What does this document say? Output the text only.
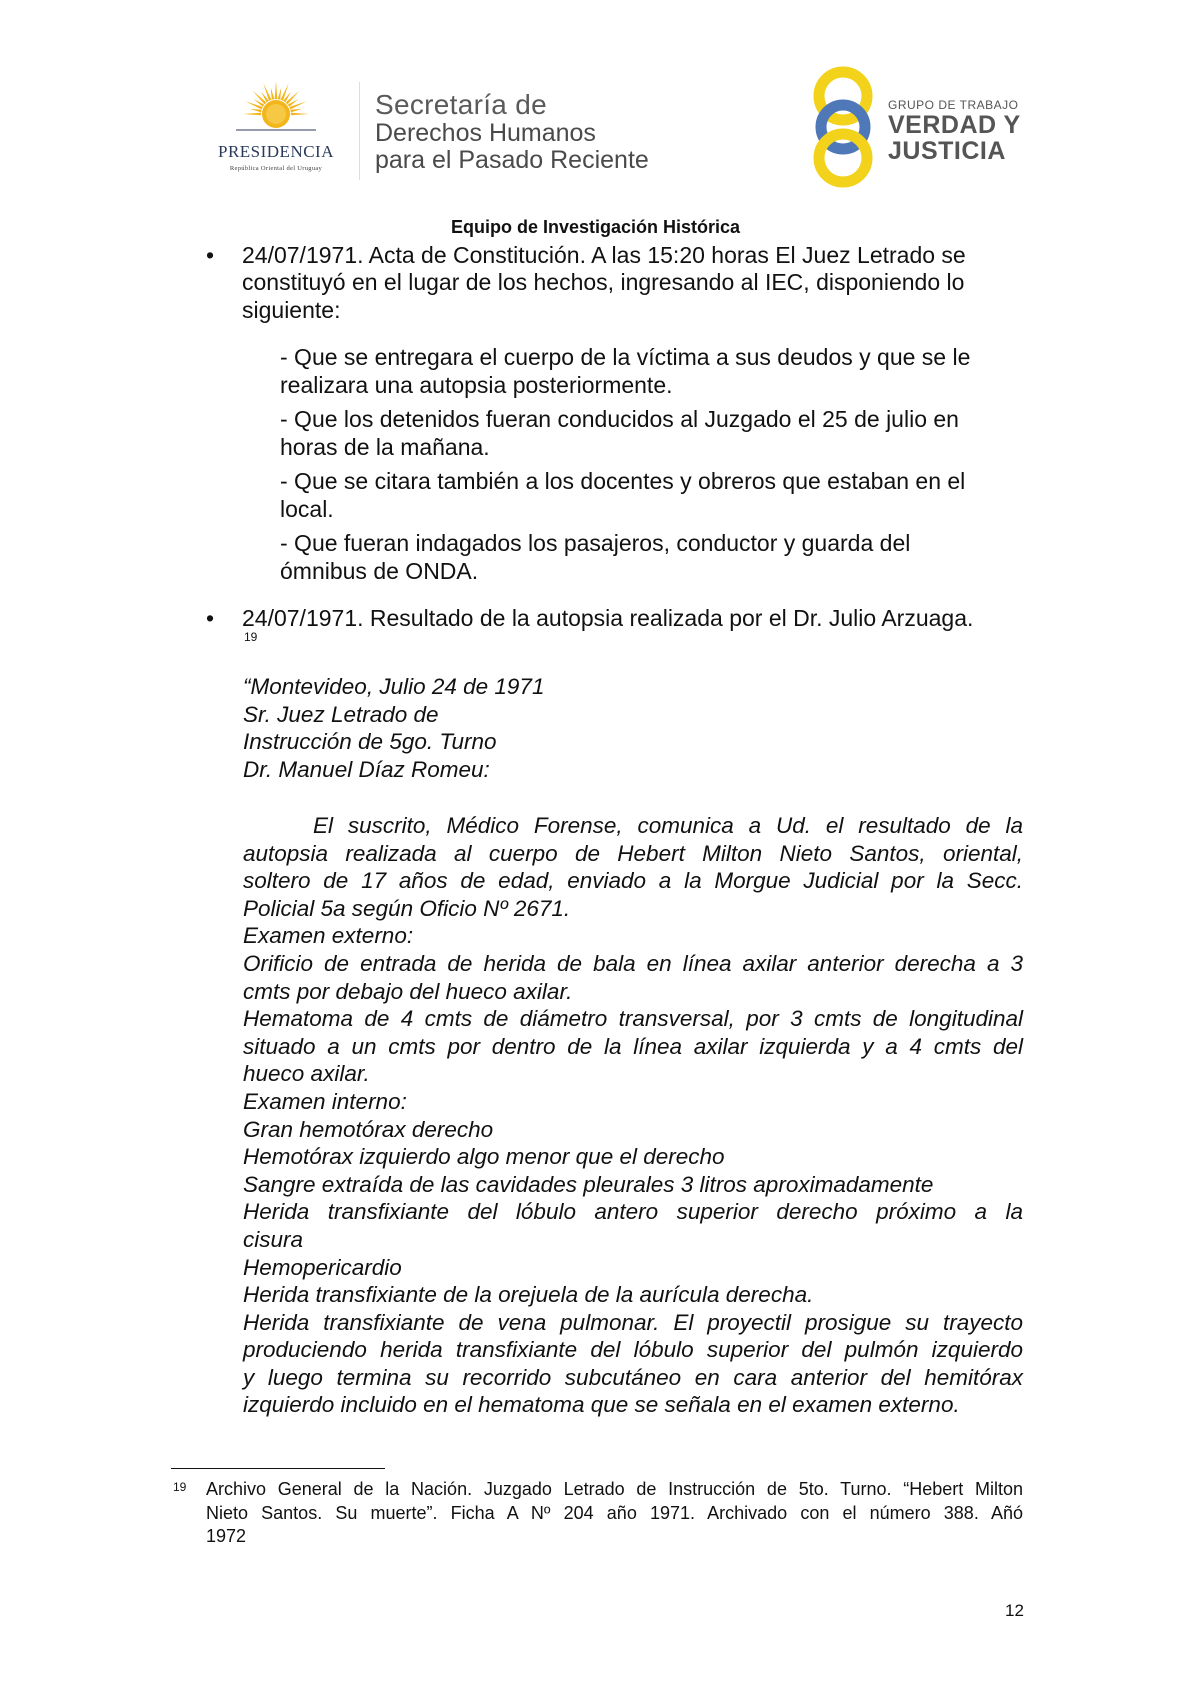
PRESIDENCIA
República Oriental del Uruguay
Secretaría de
Derechos Humanos
para el Pasado Reciente
GRUPO DE TRABAJO
VERDAD Y
JUSTICIA
Equipo de Investigación Histórica
• 24/07/1971. Acta de Constitución. A las 15:20 horas El Juez Letrado se
constituyó en el lugar de los hechos, ingresando al IEC, disponiendo lo
siguiente:
- Que se entregara el cuerpo de la víctima a sus deudos y que se le
realizara una autopsia posteriormente.
- Que los detenidos fueran conducidos al Juzgado el 25 de julio en
horas de la mañana.
- Que se citara también a los docentes y obreros que estaban en el
local.
- Que fueran indagados los pasajeros, conductor y guarda del
ómnibus de ONDA.
• 24/07/1971. Resultado de la autopsia realizada por el Dr. Julio Arzuaga.
19
“Montevideo, Julio 24 de 1971
Sr. Juez Letrado de
Instrucción de 5go. Turno
Dr. Manuel Díaz Romeu:
El suscrito, Médico Forense, comunica a Ud. el resultado de la
autopsia realizada al cuerpo de Hebert Milton Nieto Santos, oriental,
soltero de 17 años de edad, enviado a la Morgue Judicial por la Secc.
Policial 5a según Oficio Nº 2671.
Examen externo:
Orificio de entrada de herida de bala en línea axilar anterior derecha a 3
cmts por debajo del hueco axilar.
Hematoma de 4 cmts de diámetro transversal, por 3 cmts de longitudinal
situado a un cmts por dentro de la línea axilar izquierda y a 4 cmts del
hueco axilar.
Examen interno:
Gran hemotórax derecho
Hemotórax izquierdo algo menor que el derecho
Sangre extraída de las cavidades pleurales 3 litros aproximadamente
Herida transfixiante del lóbulo antero superior derecho próximo a la
cisura
Hemopericardio
Herida transfixiante de la orejuela de la aurícula derecha.
Herida transfixiante de vena pulmonar. El proyectil prosigue su trayecto
produciendo herida transfixiante del lóbulo superior del pulmón izquierdo
y luego termina su recorrido subcutáneo en cara anterior del hemitórax
izquierdo incluido en el hematoma que se señala en el examen externo.
19 Archivo General de la Nación. Juzgado Letrado de Instrucción de 5to. Turno. “Hebert Milton
Nieto Santos. Su muerte”. Ficha A Nº 204 año 1971. Archivado con el número 388. Añó
1972
12
